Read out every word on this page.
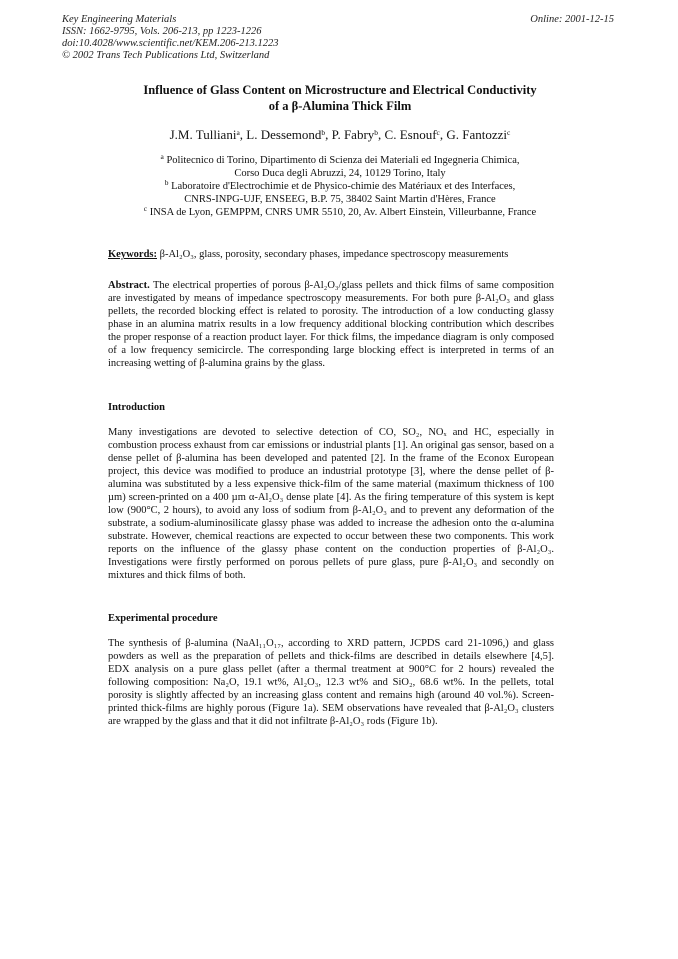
Key Engineering Materials
ISSN: 1662-9795, Vols. 206-213, pp 1223-1226
doi:10.4028/www.scientific.net/KEM.206-213.1223
© 2002 Trans Tech Publications Ltd, Switzerland
Online: 2001-12-15
Influence of Glass Content on Microstructure and Electrical Conductivity
of a β-Alumina Thick Film
J.M. Tulliani$^a$, L. Dessemond$^b$, P. Fabry$^b$, C. Esnouf$^c$, G. Fantozzi$^c$
$^a$ Politecnico di Torino, Dipartimento di Scienza dei Materiali ed Ingegneria Chimica,
Corso Duca degli Abruzzi, 24, 10129 Torino, Italy
$^b$ Laboratoire d'Electrochimie et de Physico-chimie des Matériaux et des Interfaces,
CNRS-INPG-UJF, ENSEEG, B.P. 75, 38402 Saint Martin d'Hères, France
$^c$ INSA de Lyon, GEMPPM, CNRS UMR 5510, 20, Av. Albert Einstein, Villeurbanne, France
Keywords: β-Al₂O₃, glass, porosity, secondary phases, impedance spectroscopy measurements
Abstract. The electrical properties of porous β-Al₂O₃/glass pellets and thick films of same composition are investigated by means of impedance spectroscopy measurements. For both pure β-Al₂O₃ and glass pellets, the recorded blocking effect is related to porosity. The introduction of a low conducting glassy phase in an alumina matrix results in a low frequency additional blocking contribution which describes the proper response of a reaction product layer. For thick films, the impedance diagram is only composed of a low frequency semicircle. The corresponding large blocking effect is interpreted in terms of an increasing wetting of β-alumina grains by the glass.
Introduction
Many investigations are devoted to selective detection of CO, SO₂, NOₓ and HC, especially in combustion process exhaust from car emissions or industrial plants [1]. An original gas sensor, based on a dense pellet of β-alumina has been developed and patented [2]. In the frame of the Econox European project, this device was modified to produce an industrial prototype [3], where the dense pellet of β-alumina was substituted by a less expensive thick-film of the same material (maximum thickness of 100 µm) screen-printed on a 400 µm α-Al₂O₃ dense plate [4]. As the firing temperature of this system is kept low (900°C, 2 hours), to avoid any loss of sodium from β-Al₂O₃ and to prevent any deformation of the substrate, a sodium-aluminosilicate glassy phase was added to increase the adhesion onto the α-alumina substrate. However, chemical reactions are expected to occur between these two components. This work reports on the influence of the glassy phase content on the conduction properties of β-Al₂O₃. Investigations were firstly performed on porous pellets of pure glass, pure β-Al₂O₃ and secondly on mixtures and thick films of both.
Experimental procedure
The synthesis of β-alumina (NaAl₁₁O₁₇, according to XRD pattern, JCPDS card 21-1096,) and glass powders as well as the preparation of pellets and thick-films are described in details elsewhere [4,5]. EDX analysis on a pure glass pellet (after a thermal treatment at 900°C for 2 hours) revealed the following composition: Na₂O, 19.1 wt%, Al₂O₃, 12.3 wt% and SiO₂, 68.6 wt%. In the pellets, total porosity is slightly affected by an increasing glass content and remains high (around 40 vol.%). Screen-printed thick-films are highly porous (Figure 1a). SEM observations have revealed that β-Al₂O₃ clusters are wrapped by the glass and that it did not infiltrate β-Al₂O₃ rods (Figure 1b).
